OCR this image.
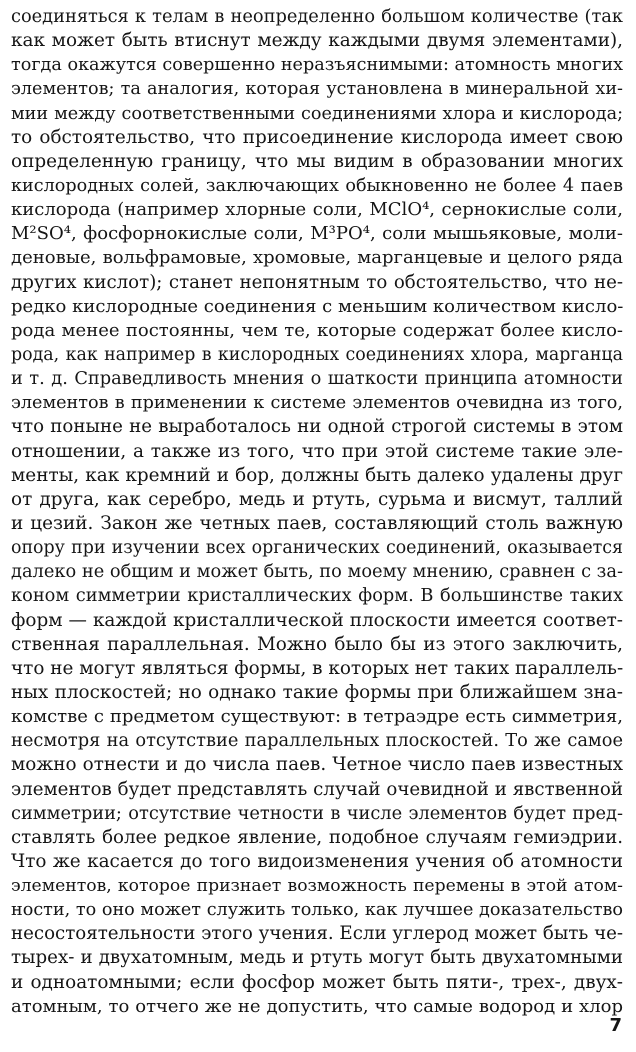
соединяться к телам в неопределенно большом количестве (так
как может быть втиснут между каждыми двумя элементами),
тогда окажутся совершенно неразъяснимыми: атомность многих
элементов; та аналогия, которая установлена в минеральной хи-
мии между соответственными соединениями хлора и кислорода;
то обстоятельство, что присоединение кислорода имеет свою
определенную границу, что мы видим в образовании многих
кислородных солей, заключающих обыкновенно не более 4 паев
кислорода (например хлорные соли, MClO⁴, сернокислые соли,
M²SO⁴, фосфорнокислые соли, M³PO⁴, соли мышьяковые, моли-
деновые, вольфрамовые, хромовые, марганцевые и целого ряда
других кислот); станет непонятным то обстоятельство, что не-
редко кислородные соединения с меньшим количеством кисло-
рода менее постоянны, чем те, которые содержат более кисло-
рода, как например в кислородных соединениях хлора, марганца
и т. д. Справедливость мнения о шаткости принципа атомности
элементов в применении к системе элементов очевидна из того,
что поныне не выработалось ни одной строгой системы в этом
отношении, а также из того, что при этой системе такие эле-
менты, как кремний и бор, должны быть далеко удалены друг
от друга, как серебро, медь и ртуть, сурьма и висмут, таллий
и цезий. Закон же четных паев, составляющий столь важную
опору при изучении всех органических соединений, оказывается
далеко не общим и может быть, по моему мнению, сравнен с за-
коном симметрии кристаллических форм. В большинстве таких
форм — каждой кристаллической плоскости имеется соответ-
ственная параллельная. Можно было бы из этого заключить,
что не могут являться формы, в которых нет таких параллель-
ных плоскостей; но однако такие формы при ближайшем зна-
комстве с предметом существуют: в тетраэдре есть симметрия,
несмотря на отсутствие параллельных плоскостей. То же самое
можно отнести и до числа паев. Четное число паев известных
элементов будет представлять случай очевидной и явственной
симметрии; отсутствие четности в числе элементов будет пред-
ставлять более редкое явление, подобное случаям гемиэдрии.
Что же касается до того видоизменения учения об атомности
элементов, которое признает возможность перемены в этой атом-
ности, то оно может служить только, как лучшее доказательство
несостоятельности этого учения. Если углерод может быть че-
тырех- и двухатомным, медь и ртуть могут быть двухатомными
и одноатомными; если фосфор может быть пяти-, трех-, двух-
атомным, то отчего же не допустить, что самые водород и хлор
7
